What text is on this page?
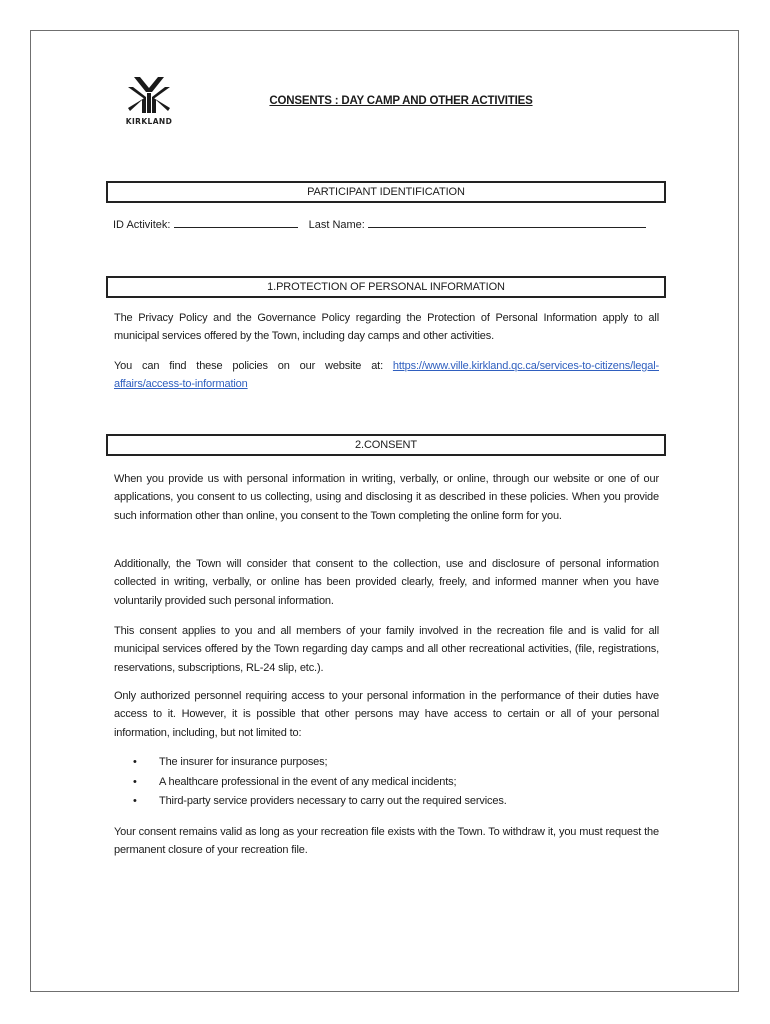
KIRKLAND
CONSENTS : DAY CAMP AND OTHER ACTIVITIES
PARTICIPANT IDENTIFICATION
ID Activitek:	Last Name:
1.PROTECTION OF PERSONAL INFORMATION
The Privacy Policy and the Governance Policy regarding the Protection of Personal Information apply to all municipal services offered by the Town, including day camps and other activities.
You can find these policies on our website at: https://www.ville.kirkland.qc.ca/services-to-citizens/legal-affairs/access-to-information
2.CONSENT
When you provide us with personal information in writing, verbally, or online, through our website or one of our applications, you consent to us collecting, using and disclosing it as described in these policies. When you provide such information other than online, you consent to the Town completing the online form for you.
Additionally, the Town will consider that consent to the collection, use and disclosure of personal information collected in writing, verbally, or online has been provided clearly, freely, and informed manner when you have voluntarily provided such personal information.
This consent applies to you and all members of your family involved in the recreation file and is valid for all municipal services offered by the Town regarding day camps and all other recreational activities, (file, registrations, reservations, subscriptions, RL-24 slip, etc.).
Only authorized personnel requiring access to your personal information in the performance of their duties have access to it. However, it is possible that other persons may have access to certain or all of your personal information, including, but not limited to:
• The insurer for insurance purposes;
• A healthcare professional in the event of any medical incidents;
• Third-party service providers necessary to carry out the required services.
Your consent remains valid as long as your recreation file exists with the Town. To withdraw it, you must request the permanent closure of your recreation file.
